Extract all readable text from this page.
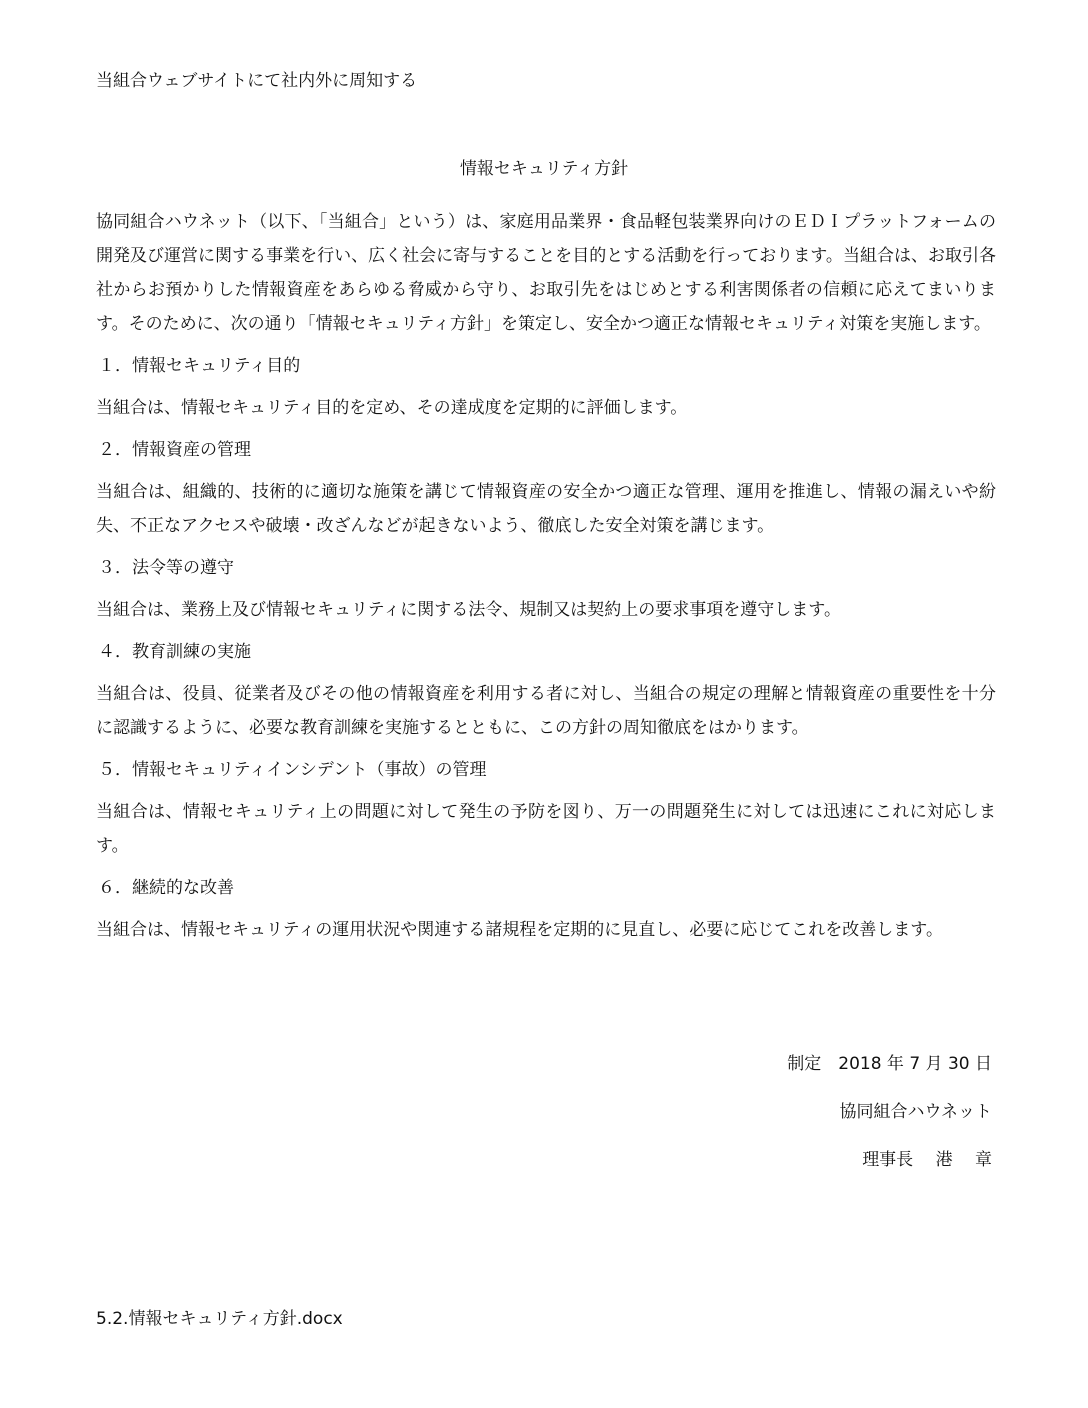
当組合ウェブサイトにて社内外に周知する
情報セキュリティ方針

協同組合ハウネット（以下、「当組合」という）は、家庭用品業界・食品軽包装業界向けのＥＤＩプラットフォームの開発及び運営に関する事業を行い、広く社会に寄与することを目的とする活動を行っております。当組合は、お取引各社からお預かりした情報資産をあらゆる脅威から守り、お取引先をはじめとする利害関係者の信頼に応えてまいります。そのために、次の通り「情報セキュリティ方針」を策定し、安全かつ適正な情報セキュリティ対策を実施します。

１．情報セキュリティ目的

当組合は、情報セキュリティ目的を定め、その達成度を定期的に評価します。

２．情報資産の管理

当組合は、組織的、技術的に適切な施策を講じて情報資産の安全かつ適正な管理、運用を推進し、情報の漏えいや紛失、不正なアクセスや破壊・改ざんなどが起きないよう、徹底した安全対策を講じます。

３．法令等の遵守

当組合は、業務上及び情報セキュリティに関する法令、規制又は契約上の要求事項を遵守します。

４．教育訓練の実施

当組合は、役員、従業者及びその他の情報資産を利用する者に対し、当組合の規定の理解と情報資産の重要性を十分に認識するように、必要な教育訓練を実施するとともに、この方針の周知徹底をはかります。

５．情報セキュリティインシデント（事故）の管理

当組合は、情報セキュリティ上の問題に対して発生の予防を図り、万一の問題発生に対しては迅速にこれに対応します。

６．継続的な改善

当組合は、情報セキュリティの運用状況や関連する諸規程を定期的に見直し、必要に応じてこれを改善します。

制定　2018 年 7 月 30 日
協同組合ハウネット
理事長　 港　 章
5.2.情報セキュリティ方針.docx
